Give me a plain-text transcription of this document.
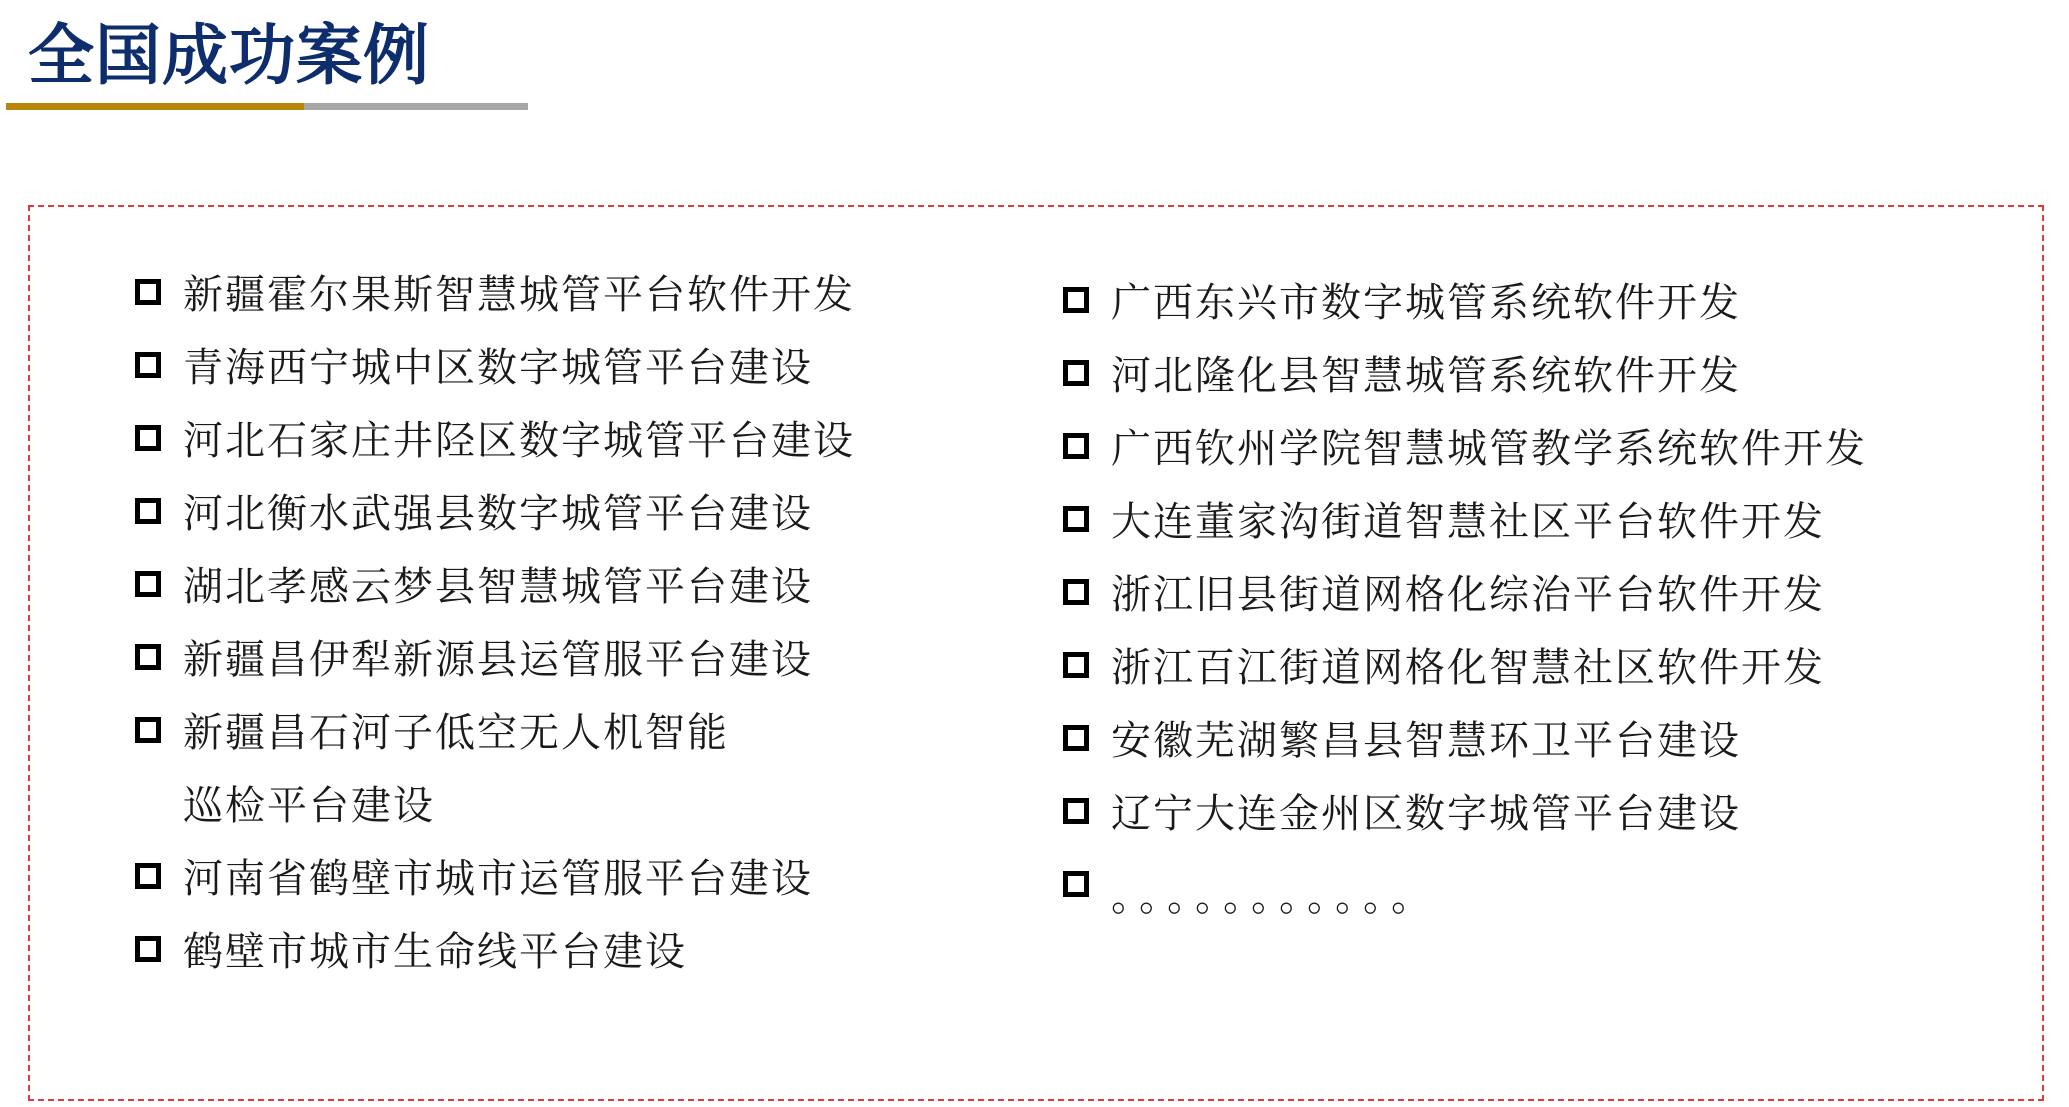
全国成功案例
新疆霍尔果斯智慧城管平台软件开发
青海西宁城中区数字城管平台建设
河北石家庄井陉区数字城管平台建设
河北衡水武强县数字城管平台建设
湖北孝感云梦县智慧城管平台建设
新疆昌伊犁新源县运管服平台建设
新疆昌石河子低空无人机智能巡检平台建设
河南省鹤壁市城市运管服平台建设
鹤壁市城市生命线平台建设
广西东兴市数字城管系统软件开发
河北隆化县智慧城管系统软件开发
广西钦州学院智慧城管教学系统软件开发
大连董家沟街道智慧社区平台软件开发
浙江旧县街道网格化综治平台软件开发
浙江百江街道网格化智慧社区软件开发
安徽芜湖繁昌县智慧环卫平台建设
辽宁大连金州区数字城管平台建设
。。。。。。。。。。。
